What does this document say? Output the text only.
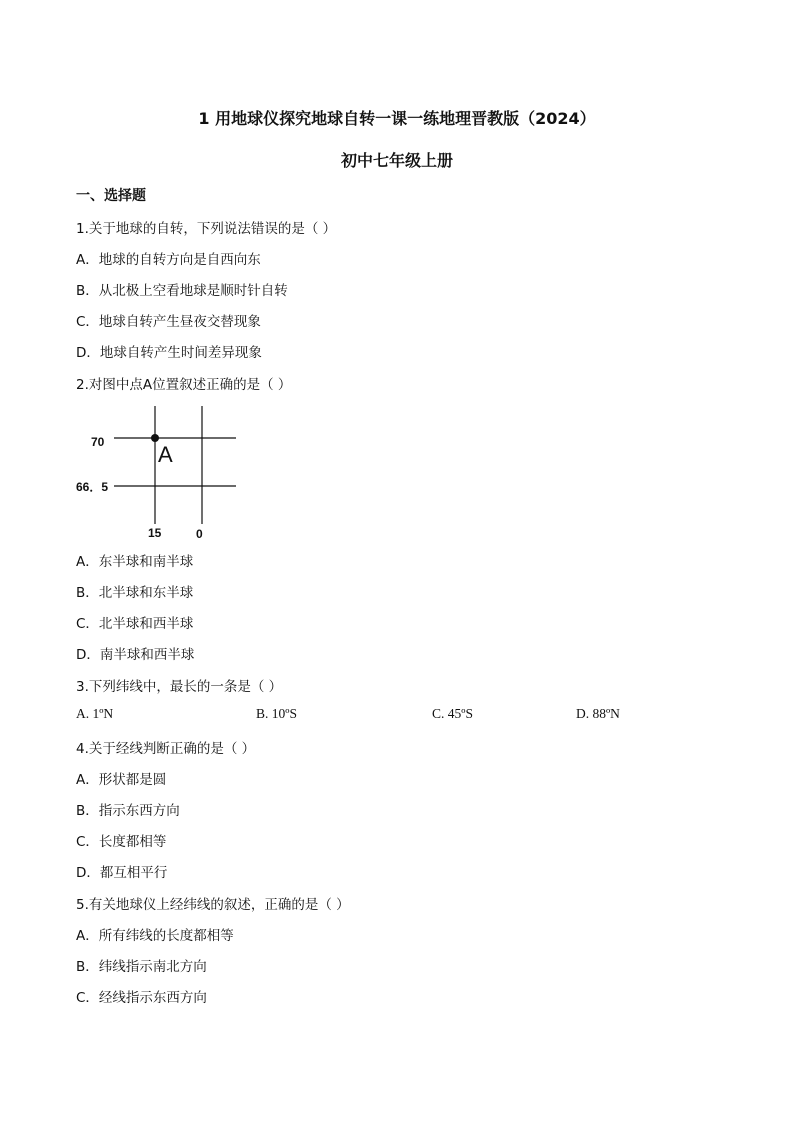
1 用地球仪探究地球自转一课一练地理晋教版（2024）
初中七年级上册
一、选择题
1.关于地球的自转，下列说法错误的是（ ）
A．地球的自转方向是自西向东
B．从北极上空看地球是顺时针自转
C．地球自转产生昼夜交替现象
D．地球自转产生时间差异现象
2.对图中点A位置叙述正确的是（ ）
A
70
66．5
15	0
A．东半球和南半球
B．北半球和东半球
C．北半球和西半球
D．南半球和西半球
3.下列纬线中，最长的一条是（ ）
A. 1ºN	B. 10ºS	C. 45ºS	D. 88ºN
4.关于经线判断正确的是（ ）
A．形状都是圆
B．指示东西方向
C．长度都相等
D．都互相平行
5.有关地球仪上经纬线的叙述，正确的是（ ）
A．所有纬线的长度都相等
B．纬线指示南北方向
C．经线指示东西方向
